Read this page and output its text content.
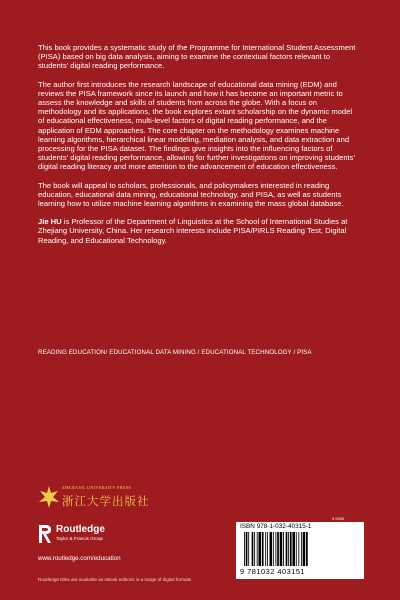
This book provides a systematic study of the Programme for International Student Assessment (PISA) based on big data analysis, aiming to examine the contextual factors relevant to students’ digital reading performance.

The author first introduces the research landscape of educational data mining (EDM) and reviews the PISA framework since its launch and how it has become an important metric to assess the knowledge and skills of students from across the globe. With a focus on methodology and its applications, the book explores extant scholarship on the dynamic model of educational effectiveness, multi-level factors of digital reading performance, and the application of EDM approaches. The core chapter on the methodology examines machine learning algorithms, hierarchical linear modeling, mediation analysis, and data extraction and processing for the PISA dataset. The findings give insights into the influencing factors of students’ digital reading performance, allowing for further investigations on improving students’ digital reading literacy and more attention to the advancement of education effectiveness.

The book will appeal to scholars, professionals, and policymakers interested in reading education, educational data mining, educational technology, and PISA, as well as students learning how to utilize machine learning algorithms in examining the mass global database.

Jie HU is Professor of the Department of Linguistics at the School of International Studies at Zhejiang University, China. Her research interests include PISA/PIRLS Reading Test, Digital Reading, and Educational Technology.

READING EDUCATION/ EDUCATIONAL DATA MINING / EDUCATIONAL TECHNOLOGY / PISA
ZHEJIANG UNIVERSITY PRESS
浙江大学出版社
Routledge
Taylor & Francis Group
www.routledge.com/education
Routledge titles are available as eBook editions in a range of digital formats
9 0000
ISBN 978-1-032-40315-1
9 781032 403151
